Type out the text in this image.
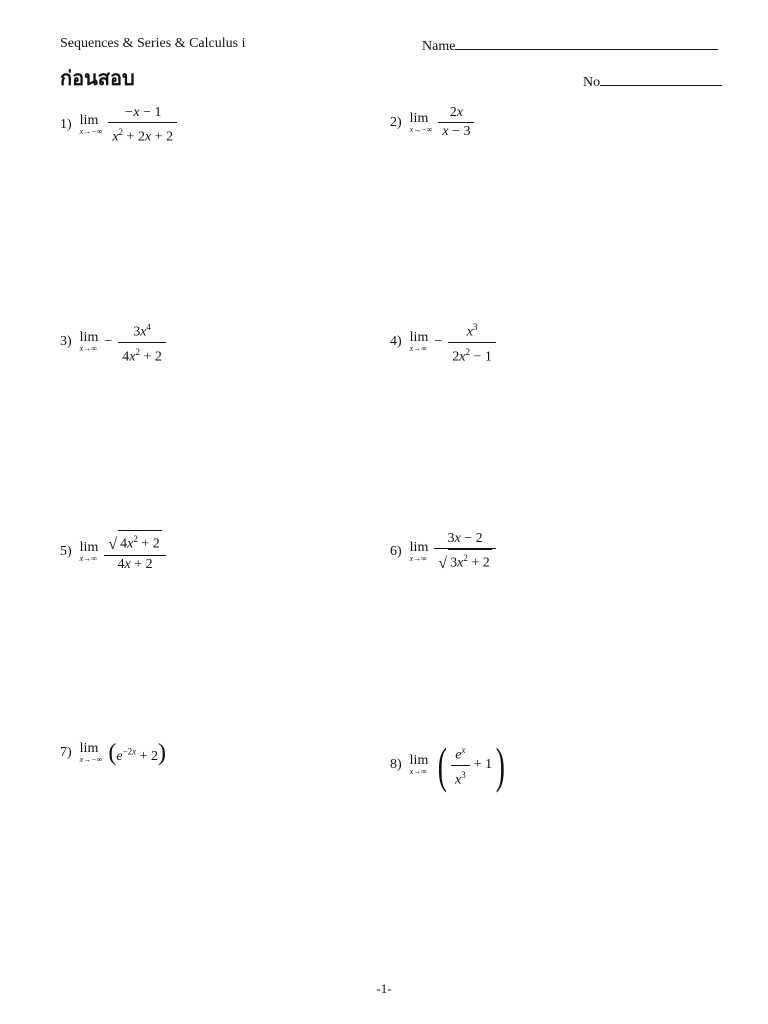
Sequences & Series & Calculus i
ก่อนสอบ
Name
No
1) lim
$x\to-\infty \frac{-x - 1}{x^2 + 2x + 2}$	2) lim
$x\to-\infty \frac{2x}{x - 3}$
3) lim
$x\to\infty - \frac{3x^4}{4x^2 + 2}$	4) lim
$x\to\infty - \frac{x^3}{2x^2 - 1}$
5) lim
$x\to\infty \frac{√ 4x^2 + 2}{4x + 2}$	6) lim
$x\to\infty \frac{3x - 2}{√ 3x^2 + 2}$
7) lim
x→−∞ $(e^{-2x} + 2)$	8) lim
x→∞ ( $\frac{e^x}{x^3} + 1$ )
-1-
